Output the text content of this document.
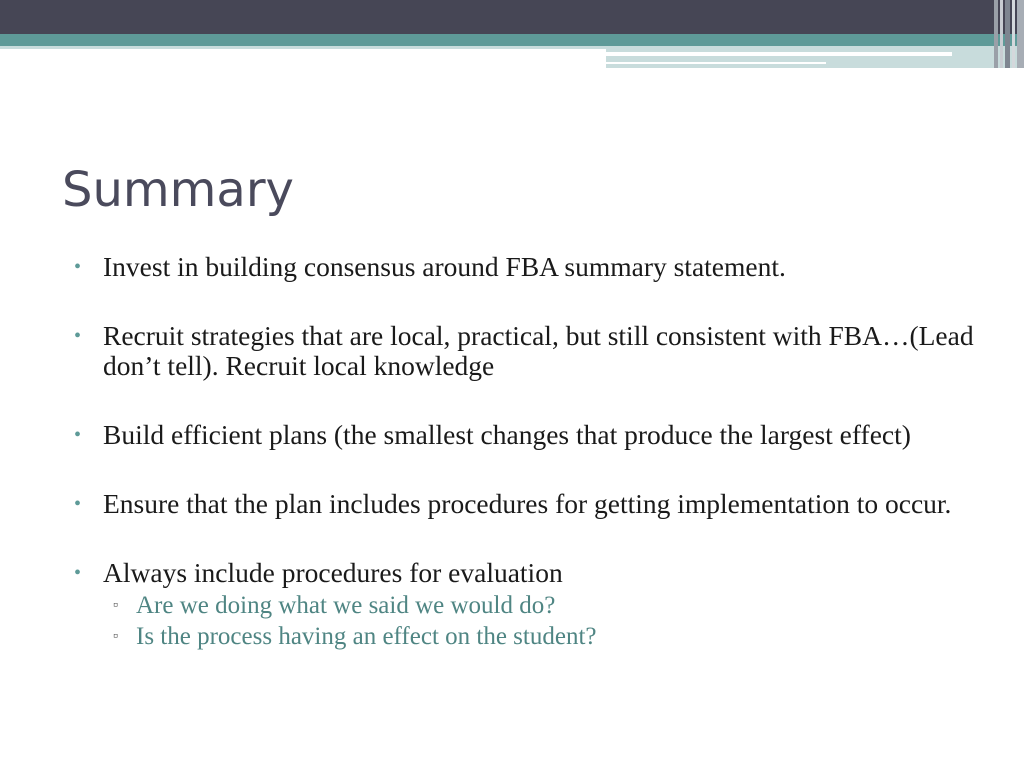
Summary
• Invest in building consensus around FBA summary statement.
• Recruit strategies that are local, practical, but still consistent with FBA…(Lead don’t tell). Recruit local knowledge
• Build efficient plans (the smallest changes that produce the largest effect)
• Ensure that the plan includes procedures for getting implementation to occur.
• Always include procedures for evaluation
▫ Are we doing what we said we would do?
▫ Is the process having an effect on the student?
